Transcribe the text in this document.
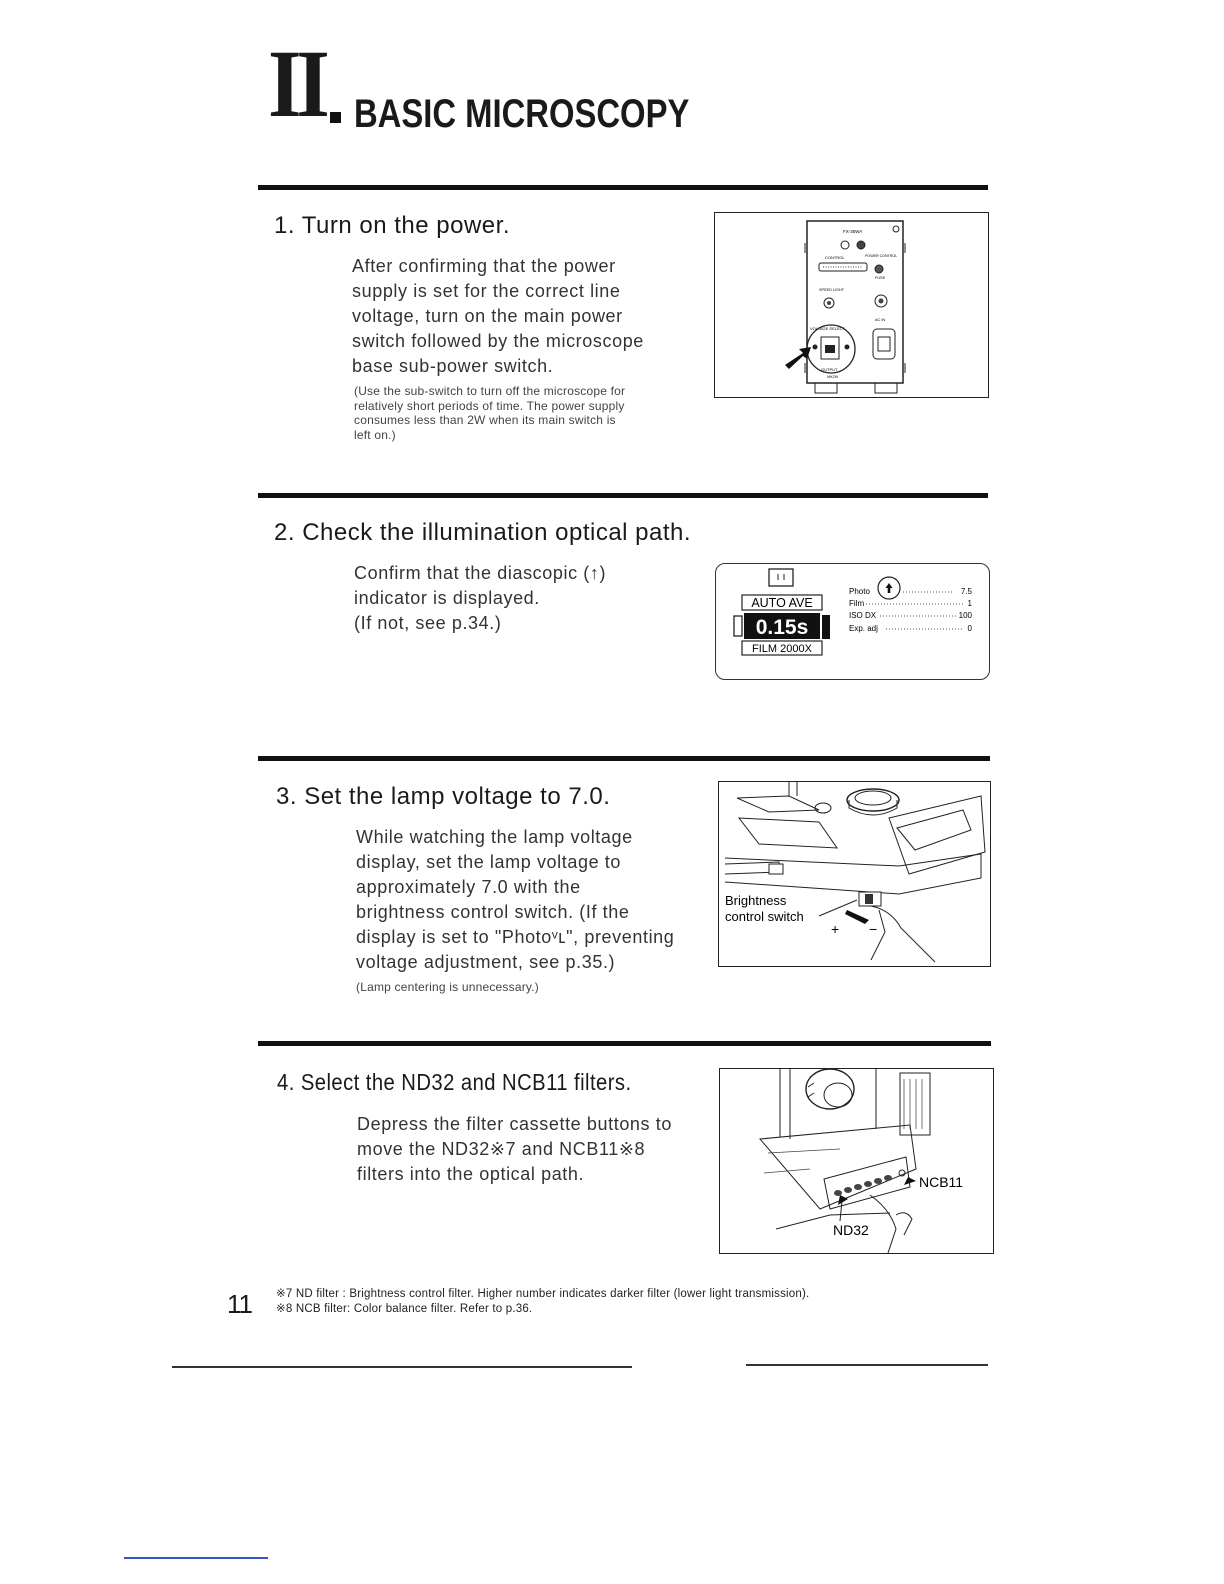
II BASIC MICROSCOPY
1. Turn on the power.
After confirming that the power
supply is set for the correct line
voltage, turn on the main power
switch followed by the microscope
base sub-power switch.
(Use the sub-switch to turn off the microscope for
relatively short periods of time. The power supply
consumes less than 2W when its main switch is
left on.)
FX-35WA
CONTROL	POWER CONTROL
FUSE
SPEED LIGHT
AC IN
VOLTAGE SELECT
OUTPUT
NIKON
2. Check the illumination optical path.
Confirm that the diascopic (↑)
indicator is displayed.
(If not, see p.34.)
AUTO AVE
0.15s
FILM 2000X
Photo	7.5
Film	1
ISO DX	100
Exp. adj	0
3. Set the lamp voltage to 7.0.
While watching the lamp voltage
display, set the lamp voltage to
approximately 7.0 with the
brightness control switch. (If the
display is set to "Photoᵛʟ", preventing
voltage adjustment, see p.35.)
(Lamp centering is unnecessary.)
Brightness
control switch
+ −
4. Select the ND32 and NCB11 filters.
Depress the filter cassette buttons to
move the ND32※7 and NCB11※8
filters into the optical path.	NCB11
ND32
11 ※7 ND filter : Brightness control filter. Higher number indicates darker filter (lower light transmission).
※8 NCB filter: Color balance filter. Refer to p.36.
